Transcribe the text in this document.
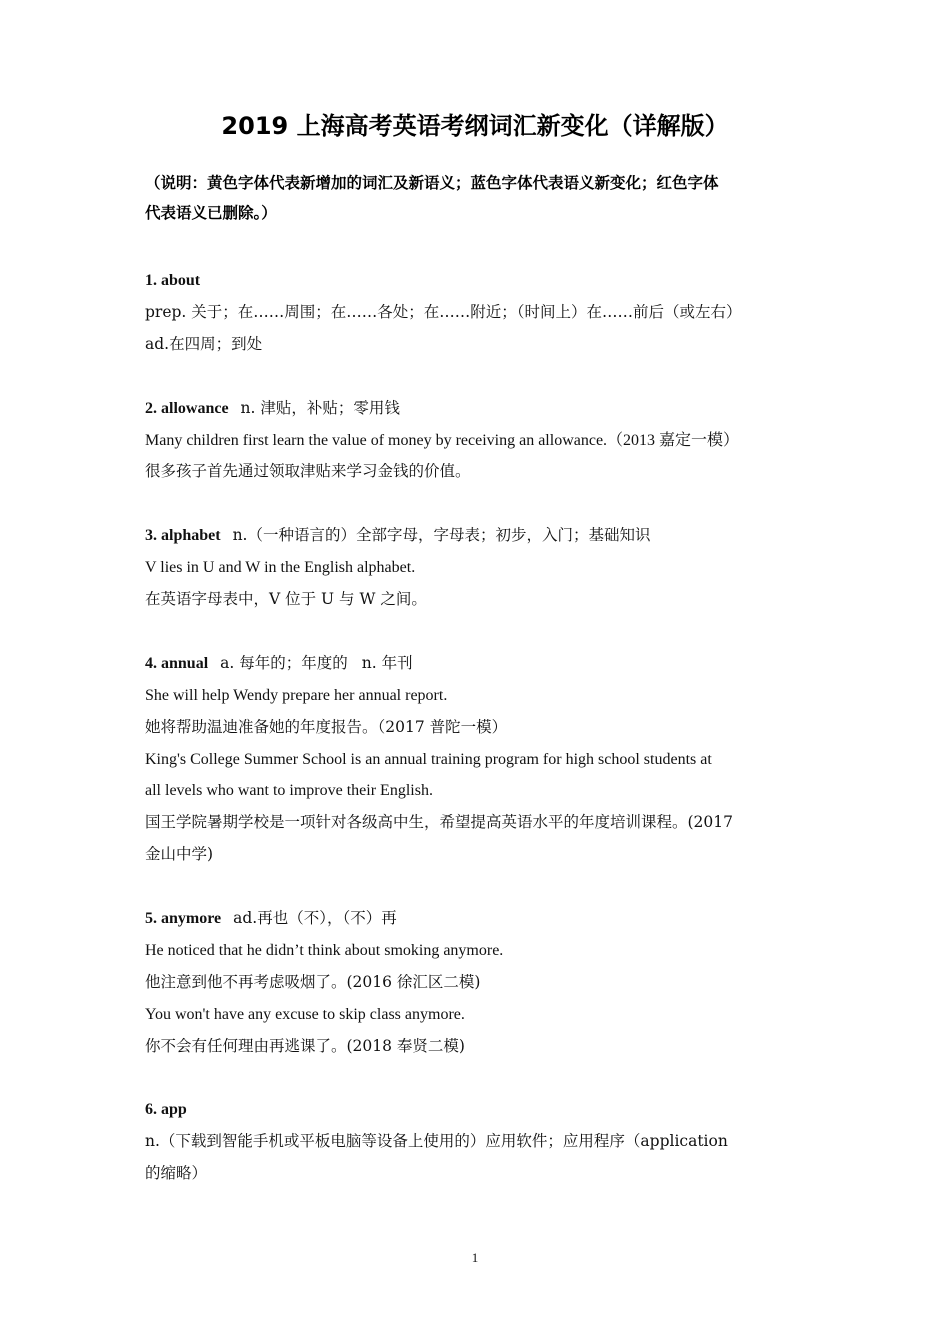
2019 上海高考英语考纲词汇新变化（详解版）
（说明：黄色字体代表新增加的词汇及新语义；蓝色字体代表语义新变化；红色字体
代表语义已删除。）
1. about
prep. 关于；在……周围；在……各处；在……附近；（时间上）在……前后（或左右）
ad.在四周；到处
2. allowance n. 津贴，补贴；零用钱
Many children first learn the value of money by receiving an allowance.（2013 嘉定一模）
很多孩子首先通过领取津贴来学习金钱的价值。
3. alphabet n.（一种语言的）全部字母，字母表；初步，入门；基础知识
V lies in U and W in the English alphabet.
在英语字母表中，V 位于 U 与 W 之间。
4. annual a. 每年的；年度的 n. 年刊
She will help Wendy prepare her annual report.
她将帮助温迪准备她的年度报告。（2017 普陀一模）
King's College Summer School is an annual training program for high school students at
all levels who want to improve their English.
国王学院暑期学校是一项针对各级高中生，希望提高英语水平的年度培训课程。(2017
金山中学)
5. anymore ad.再也（不），（不）再
He noticed that he didn’t think about smoking anymore.
他注意到他不再考虑吸烟了。(2016 徐汇区二模)
You won't have any excuse to skip class anymore.
你不会有任何理由再逃课了。(2018 奉贤二模)
6. app
n.（下载到智能手机或平板电脑等设备上使用的）应用软件；应用程序（application
的缩略）
1
